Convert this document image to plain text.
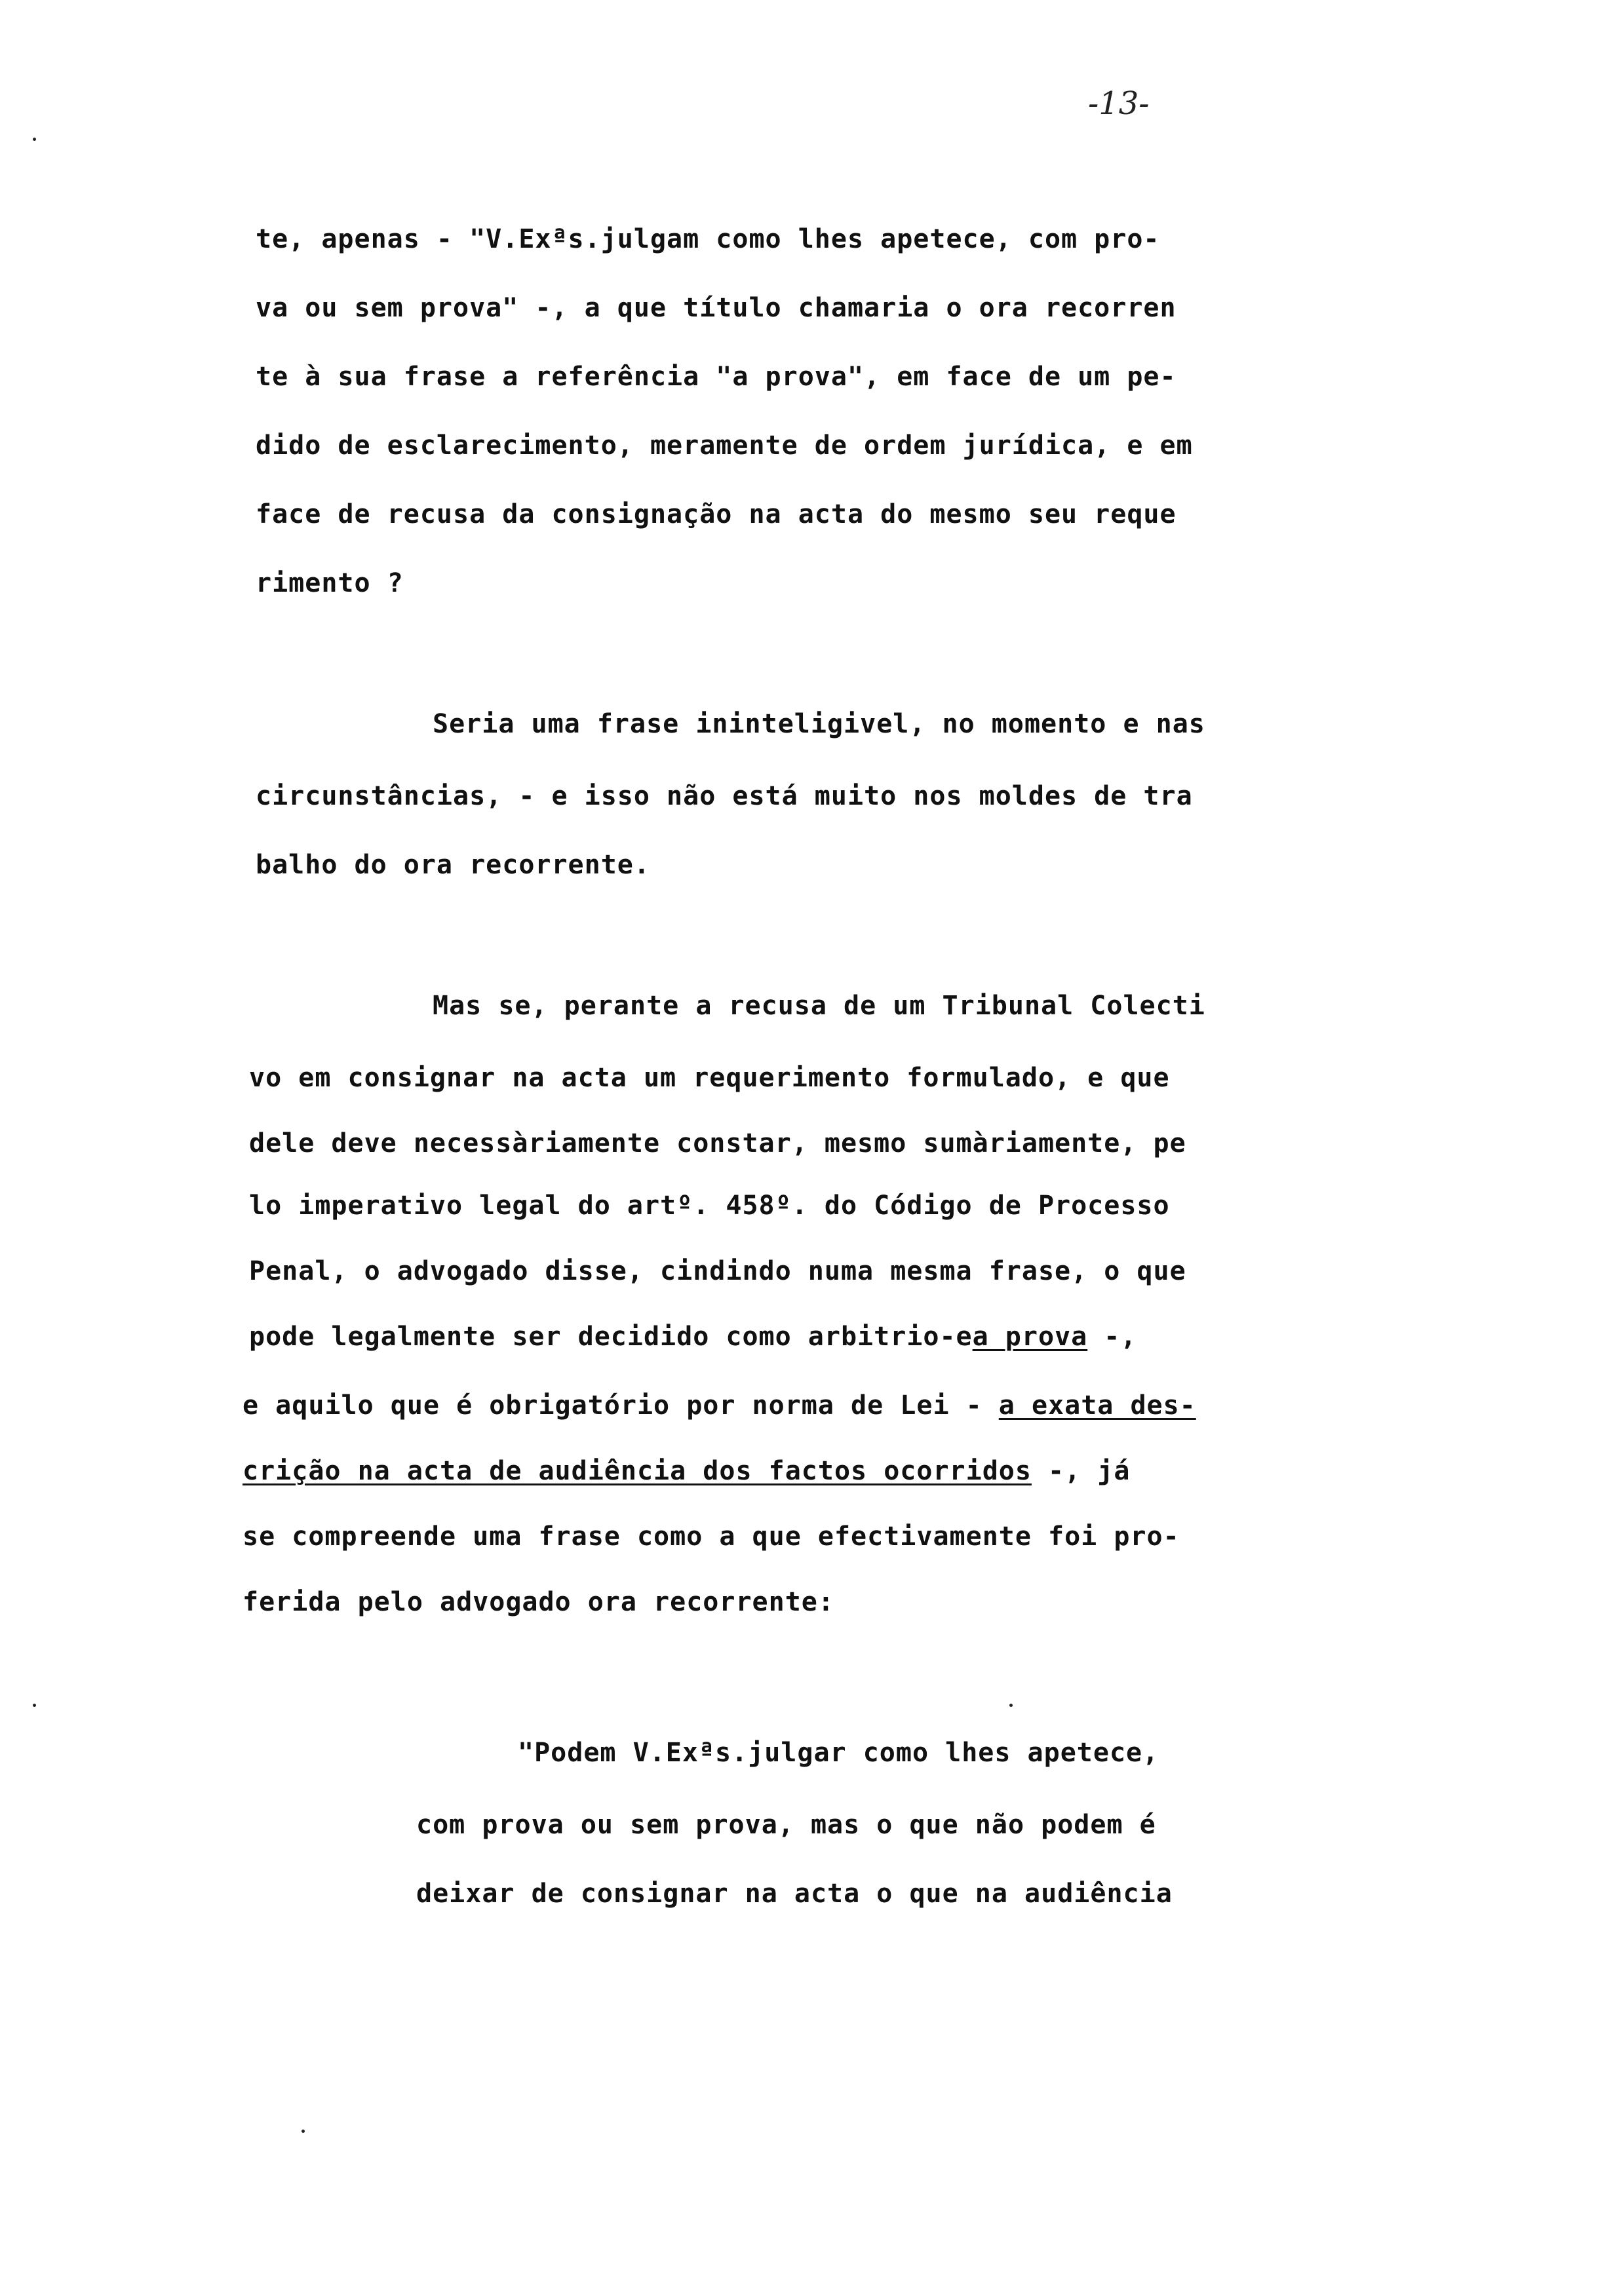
-13-
te, apenas - "V.Exªs.julgam como lhes apetece, com pro-
va ou sem prova" -, a que título chamaria o ora recorren
te à sua frase a referência "a prova", em face de um pe-
dido de esclarecimento, meramente de ordem jurídica, e em
face de recusa da consignação na acta do mesmo seu reque
rimento ?
Seria uma frase ininteligivel, no momento e nas
circunstâncias, - e isso não está muito nos moldes de tra
balho do ora recorrente.
Mas se, perante a recusa de um Tribunal Colecti
vo em consignar na acta um requerimento formulado, e que
dele deve necessàriamente constar, mesmo sumàriamente, pe
lo imperativo legal do artº. 458º. do Código de Processo
Penal, o advogado disse, cindindo numa mesma frase, o que
pode legalmente ser decidido como arbitrio-ea prova -,
e aquilo que é obrigatório por norma de Lei - a exata des-
crição na acta de audiência dos factos ocorridos -, já
se compreende uma frase como a que efectivamente foi pro-
ferida pelo advogado ora recorrente:
"Podem V.Exªs.julgar como lhes apetece,
com prova ou sem prova, mas o que não podem é
deixar de consignar na acta o que na audiência
